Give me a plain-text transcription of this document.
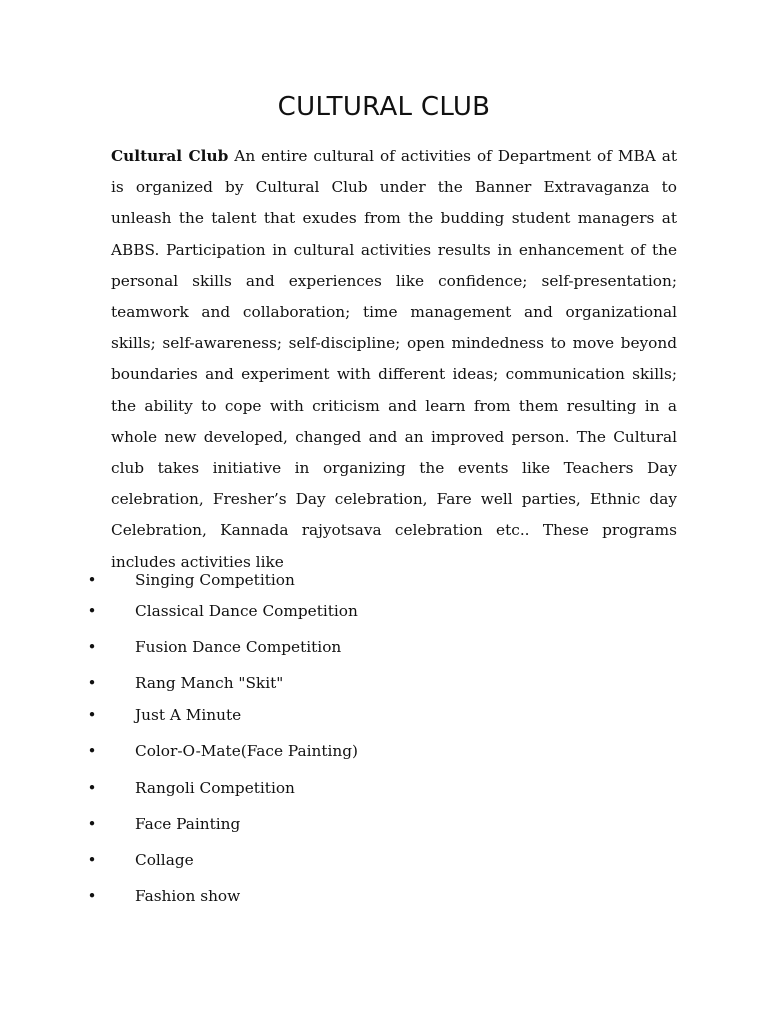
CULTURAL CLUB

Cultural Club An entire cultural of activities of Department of MBA at is organized by Cultural Club under the Banner Extravaganza to unleash the talent that exudes from the budding student managers at ABBS. Participation in cultural activities results in enhancement of the personal skills and experiences like confidence; self-presentation; teamwork and collaboration; time management and organizational skills; self-awareness; self-discipline; open mindedness to move beyond boundaries and experiment with different ideas; communication skills; the ability to cope with criticism and learn from them resulting in a whole new developed, changed and an improved person. The Cultural club takes initiative in organizing the events like Teachers Day celebration, Fresher’s Day celebration, Fare well parties, Ethnic day Celebration, Kannada rajyotsava celebration etc.. These programs includes activities like

•	Singing Competition
•	Classical Dance Competition
•	Fusion Dance Competition
•	Rang Manch "Skit"
•	Just A Minute
•	Color-O-Mate(Face Painting)
•	Rangoli Competition
•	Face Painting
•	Collage
•	Fashion show
